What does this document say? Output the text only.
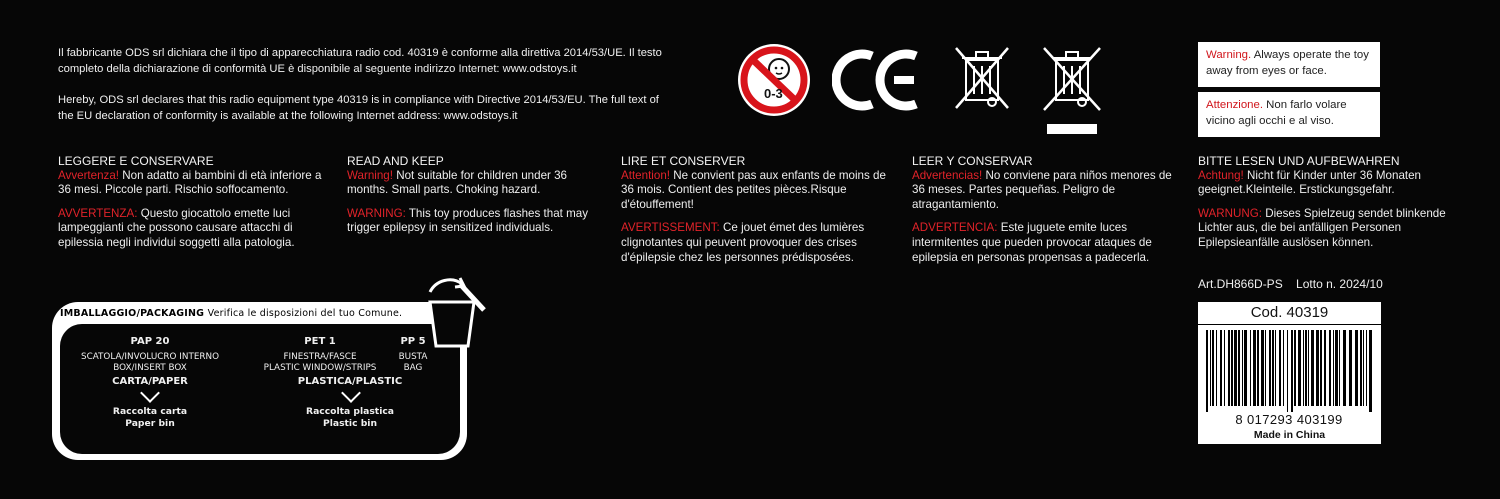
Il fabbricante ODS srl dichiara che il tipo di apparecchiatura radio cod. 40319 è conforme alla direttiva 2014/53/UE. Il testo completo della dichiarazione di conformità UE è disponibile al seguente indirizzo Internet: www.odstoys.it

Hereby, ODS srl declares that this radio equipment type 40319 is in compliance with Directive 2014/53/EU. The full text of the EU declaration of conformity is available at the following Internet address: www.odstoys.it

0-3
Warning. Always operate the toy away from eyes or face.
Attenzione. Non farlo volare vicino agli occhi e al viso.
LEGGERE E CONSERVARE

Avvertenza! Non adatto ai bambini di età inferiore a 36 mesi. Piccole parti. Rischio soffocamento.

AVVERTENZA: Questo giocattolo emette luci lampeggianti che possono causare attacchi di epilessia negli individui soggetti alla patologia.

READ AND KEEP

Warning! Not suitable for children under 36 months. Small parts. Choking hazard.

WARNING: This toy produces flashes that may trigger epilepsy in sensitized individuals.

LIRE ET CONSERVER

Attention! Ne convient pas aux enfants de moins de 36 mois. Contient des petites pièces.Risque d'étouffement!

AVERTISSEMENT: Ce jouet émet des lumières clignotantes qui peuvent provoquer des crises d'épilepsie chez les personnes prédisposées.

LEER Y CONSERVAR

Advertencias! No conviene para niños menores de 36 meses. Partes pequeñas. Peligro de atragantamiento.

ADVERTENCIA: Este juguete emite luces intermitentes que pueden provocar ataques de epilepsia en personas propensas a padecerla.

BITTE LESEN UND AUFBEWAHREN

Achtung! Nicht für Kinder unter 36 Monaten geeignet.Kleinteile. Erstickungsgefahr.

WARNUNG: Dieses Spielzeug sendet blinkende Lichter aus, die bei anfälligen Personen Epilepsieanfälle auslösen können.

Art.DH866D-PS Lotto n. 2024/10
Cod. 40319
8 017293 403199
Made in China
IMBALLAGGIO/PACKAGING Verifica le disposizioni del tuo Comune.
PAP 20
SCATOLA/INVOLUCRO INTERNO
BOX/INSERT BOX
CARTA/PAPER
Raccolta carta
Paper bin
PET 1
FINESTRA/FASCE
PLASTIC WINDOW/STRIPS
PLASTICA/PLASTIC
Raccolta plastica
Plastic bin
PP 5
BUSTA
BAG
